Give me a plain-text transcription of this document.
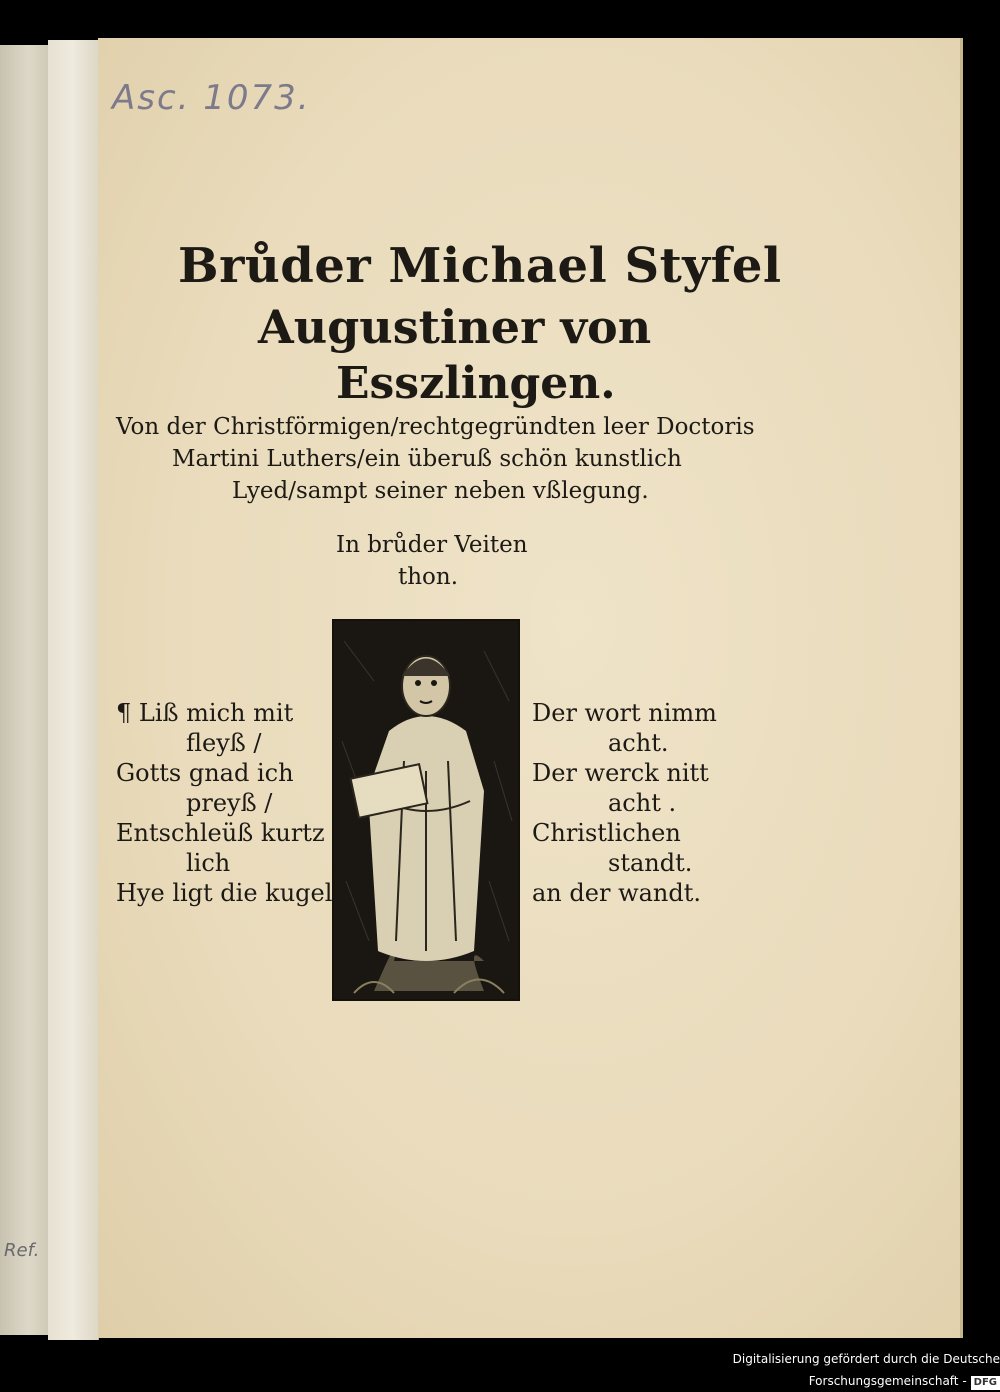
Asc. 1073.
Ref.
Brůder Michael Styfel
Augustiner von
Esszlingen.
Von der Christförmigen/rechtgegründten leer Doctoris
Martini Luthers/ein überuß schön kunstlich
Lyed/sampt seiner neben vßlegung.
In brůder Veiten
thon.
¶ Liß mich mit
fleyß /
Gotts gnad ich
preyß /
Entschleüß kurtz
lich
Hye ligt die kugel
Der wort nimm
acht.
Der werck nitt
acht .
Christlichen
standt.
an der wandt.
Digitalisierung gefördert durch die Deutsche Forschungsgemeinschaft - DFG
